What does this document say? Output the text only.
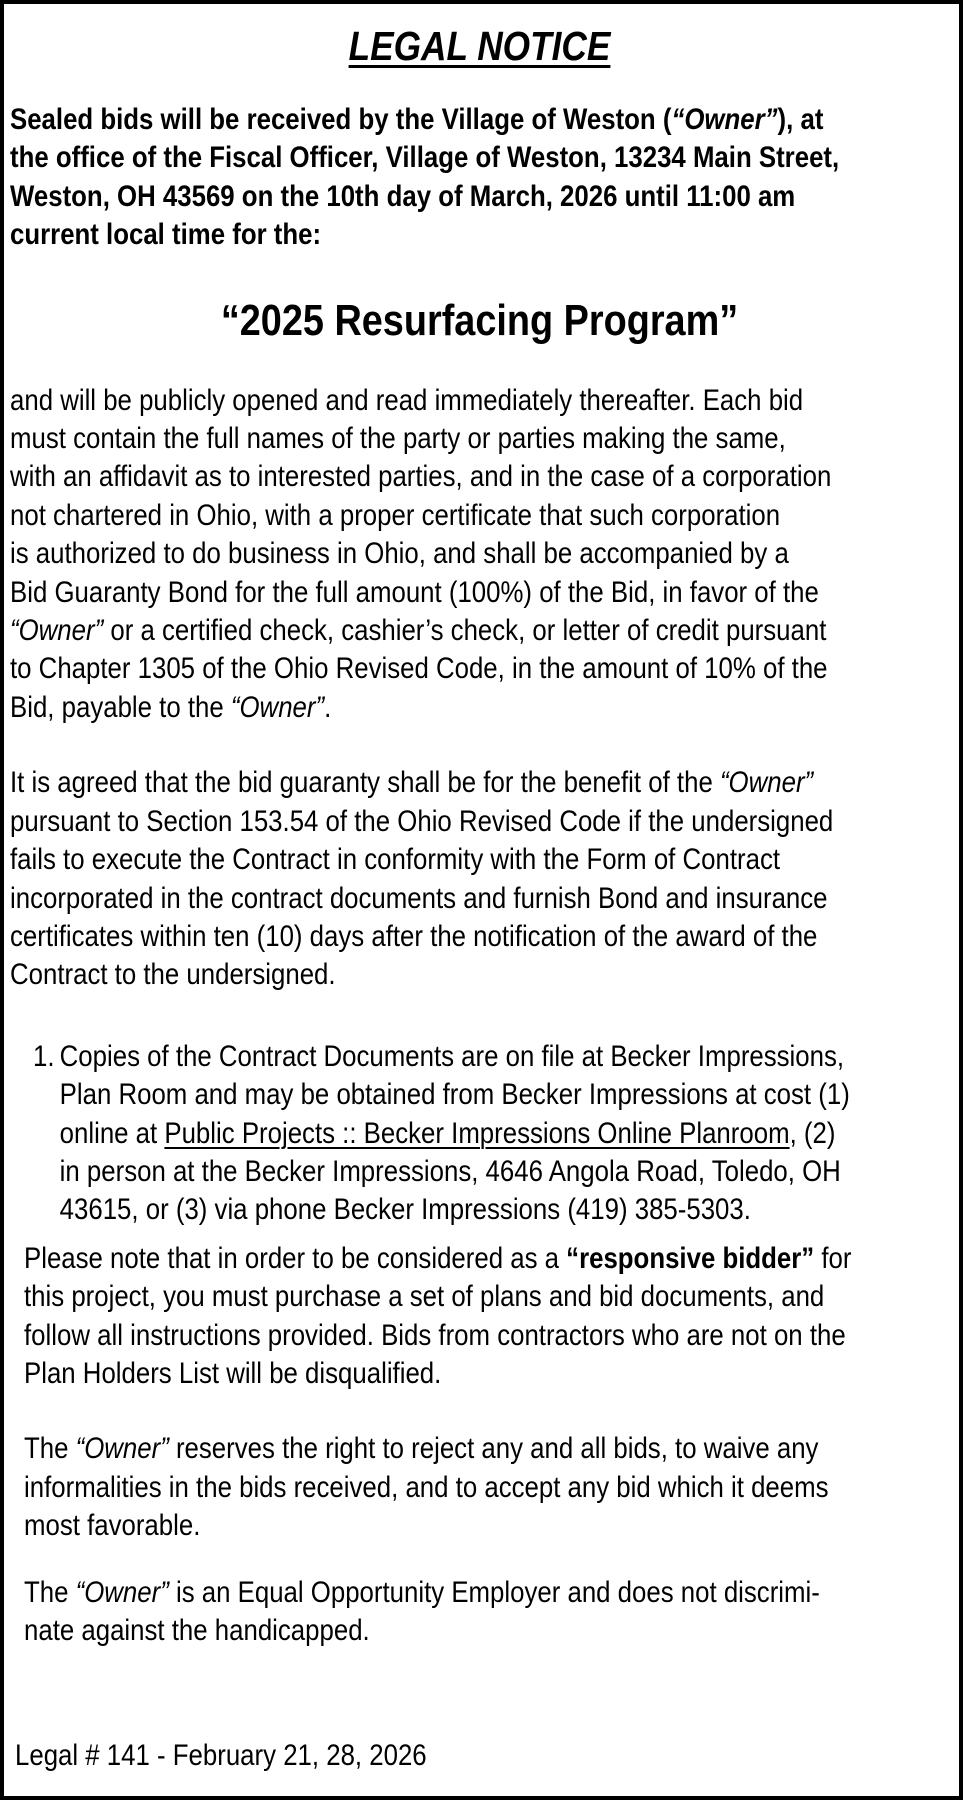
LEGAL NOTICE
Sealed bids will be received by the Village of Weston (“Owner”), at
the office of the Fiscal Officer, Village of Weston, 13234 Main Street,
Weston, OH 43569 on the 10th day of March, 2026 until 11:00 am
current local time for the:
“2025 Resurfacing Program”
and will be publicly opened and read immediately thereafter. Each bid
must contain the full names of the party or parties making the same,
with an affidavit as to interested parties, and in the case of a corporation
not chartered in Ohio, with a proper certificate that such corporation
is authorized to do business in Ohio, and shall be accompanied by a
Bid Guaranty Bond for the full amount (100%) of the Bid, in favor of the
“Owner” or a certified check, cashier’s check, or letter of credit pursuant
to Chapter 1305 of the Ohio Revised Code, in the amount of 10% of the
Bid, payable to the “Owner”.
It is agreed that the bid guaranty shall be for the benefit of the “Owner”
pursuant to Section 153.54 of the Ohio Revised Code if the undersigned
fails to execute the Contract in conformity with the Form of Contract
incorporated in the contract documents and furnish Bond and insurance
certificates within ten (10) days after the notification of the award of the
Contract to the undersigned.
1. Copies of the Contract Documents are on file at Becker Impressions,
Plan Room and may be obtained from Becker Impressions at cost (1)
online at Public Projects :: Becker Impressions Online Planroom, (2)
in person at the Becker Impressions, 4646 Angola Road, Toledo, OH
43615, or (3) via phone Becker Impressions (419) 385-5303.
Please note that in order to be considered as a “responsive bidder” for
this project, you must purchase a set of plans and bid documents, and
follow all instructions provided. Bids from contractors who are not on the
Plan Holders List will be disqualified.
The “Owner” reserves the right to reject any and all bids, to waive any
informalities in the bids received, and to accept any bid which it deems
most favorable.
The “Owner” is an Equal Opportunity Employer and does not discrimi-
nate against the handicapped.
Legal # 141 - February 21, 28, 2026
